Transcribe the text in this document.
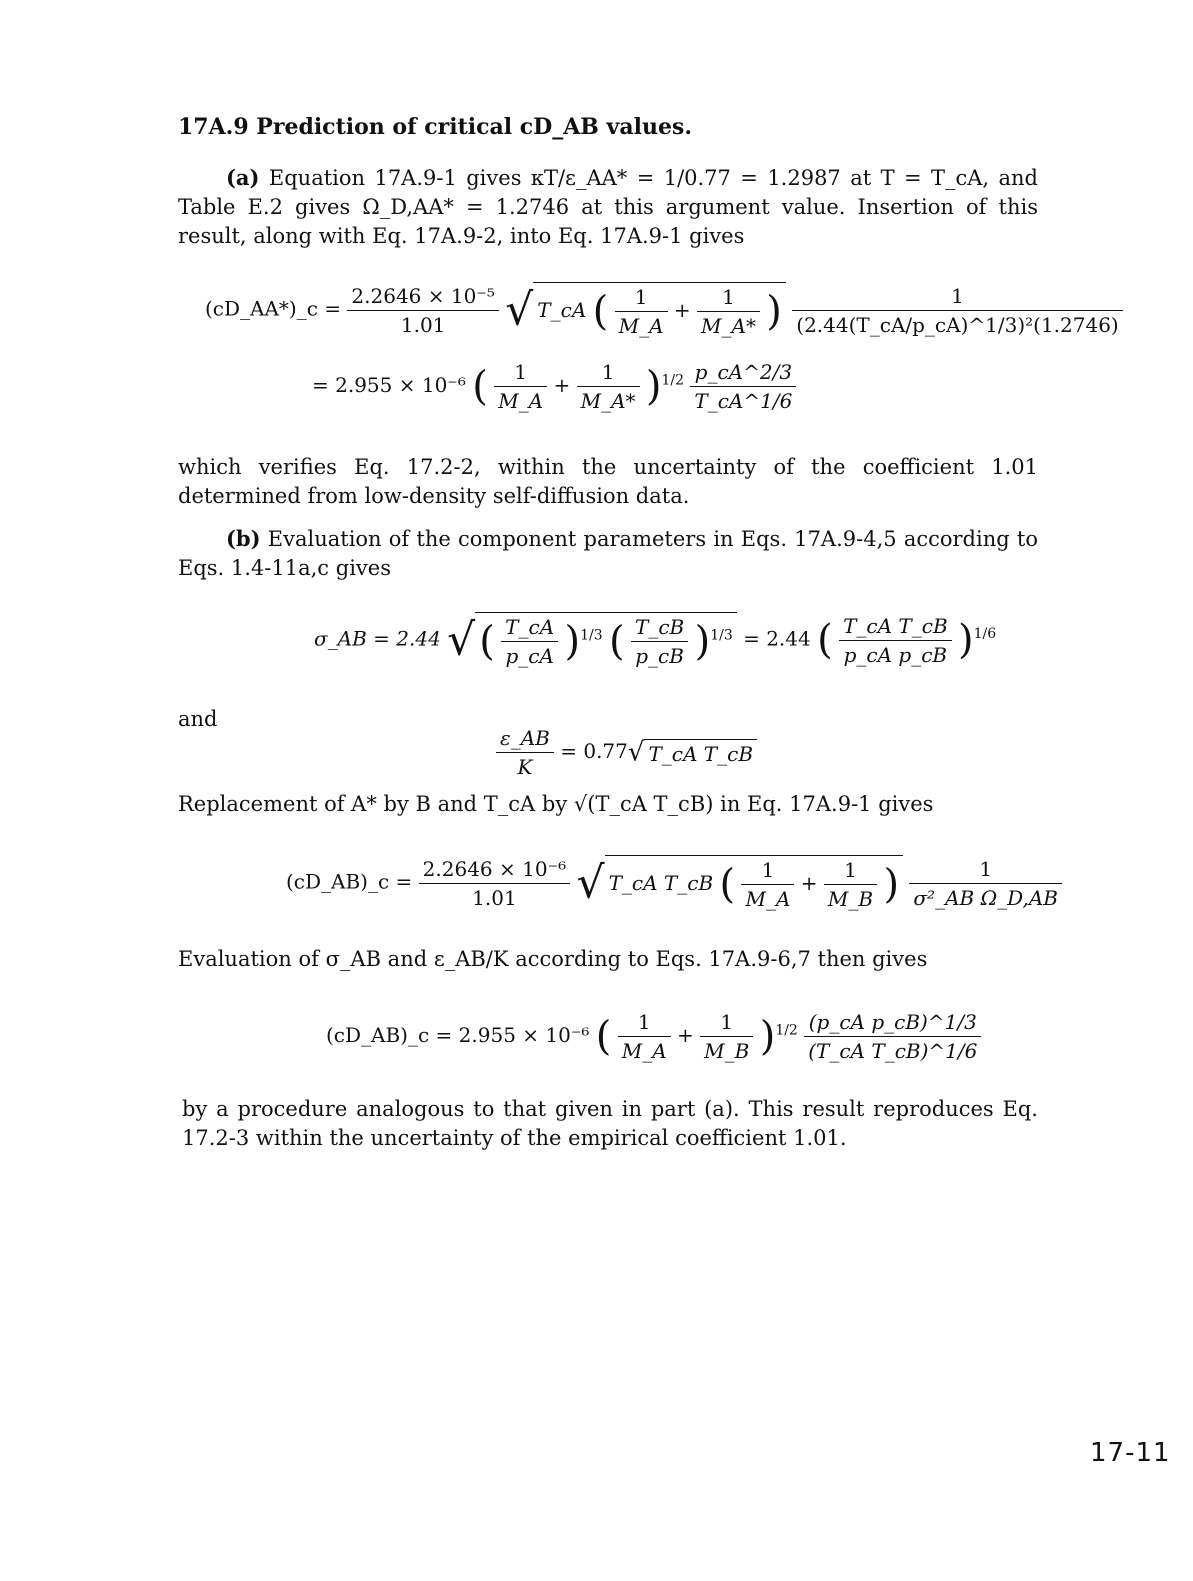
17A.9 Prediction of critical cD_AB values.
(a) Equation 17A.9-1 gives κT/ε_AA* = 1/0.77 = 1.2987 at T = T_cA, and Table E.2 gives Ω_D,AA* = 1.2746 at this argument value. Insertion of this result, along with Eq. 17A.9-2, into Eq. 17A.9-1 gives
(cD_AA*)_c = $\frac{\text{2.2646 × 10⁻⁵}}{1.01}$ √ T_cA ( $\frac{1}{M\_A} + \frac{1}{M\_A*}$ ) $\frac{1}{\text{(2.44(T\_cA/p\_cA)\textasciicircum{}1/3)²(1.2746)}}$
= 2.955 × 10⁻⁶ ( $\frac{1}{M\_A} + \frac{1}{M\_A*} )^{1/2} \frac{p\_cA\^{}2/3}{T\_cA\^{}1/6}$
which verifies Eq. 17.2-2, within the uncertainty of the coefficient 1.01 determined from low-density self-diffusion data.
(b) Evaluation of the component parameters in Eqs. 17A.9-4,5 according to Eqs. 1.4-11a,c gives
σ_AB = 2.44 √ ( $\frac{T\_cA}{p\_cA} )^{1/3}$ ( $\frac{T\_cB}{p\_cB} )^{1/3} = 2.44$ ( $\frac{\text{T\_cA T\_cB}}{\text{p\_cA p\_cB}} )^{1/6}$
and
$\frac{\varepsilon\_AB}{K} = 0.77√$ T_cA T_cB
Replacement of A* by B and T_cA by √(T_cA T_cB) in Eq. 17A.9-1 gives
(cD_AB)_c = $\frac{\text{2.2646 × 10⁻⁶}}{1.01}$ √ T_cA T_cB ( $\frac{1}{M\_A} + \frac{1}{M\_B}$ ) $\frac{1}{\text{σ²\_AB Ω\_D,AB}}$
Evaluation of σ_AB and ε_AB/K according to Eqs. 17A.9-6,7 then gives
(cD_AB)_c = 2.955 × 10⁻⁶ ( $\frac{1}{M\_A} + \frac{1}{M\_B} )^{1/2} \frac{\text{(p\_cA p\_cB)\textasciicircum{}1/3}}{\text{(T\_cA T\_cB)\textasciicircum{}1/6}}$
by a procedure analogous to that given in part (a). This result reproduces Eq. 17.2-3 within the uncertainty of the empirical coefficient 1.01.
17-11
